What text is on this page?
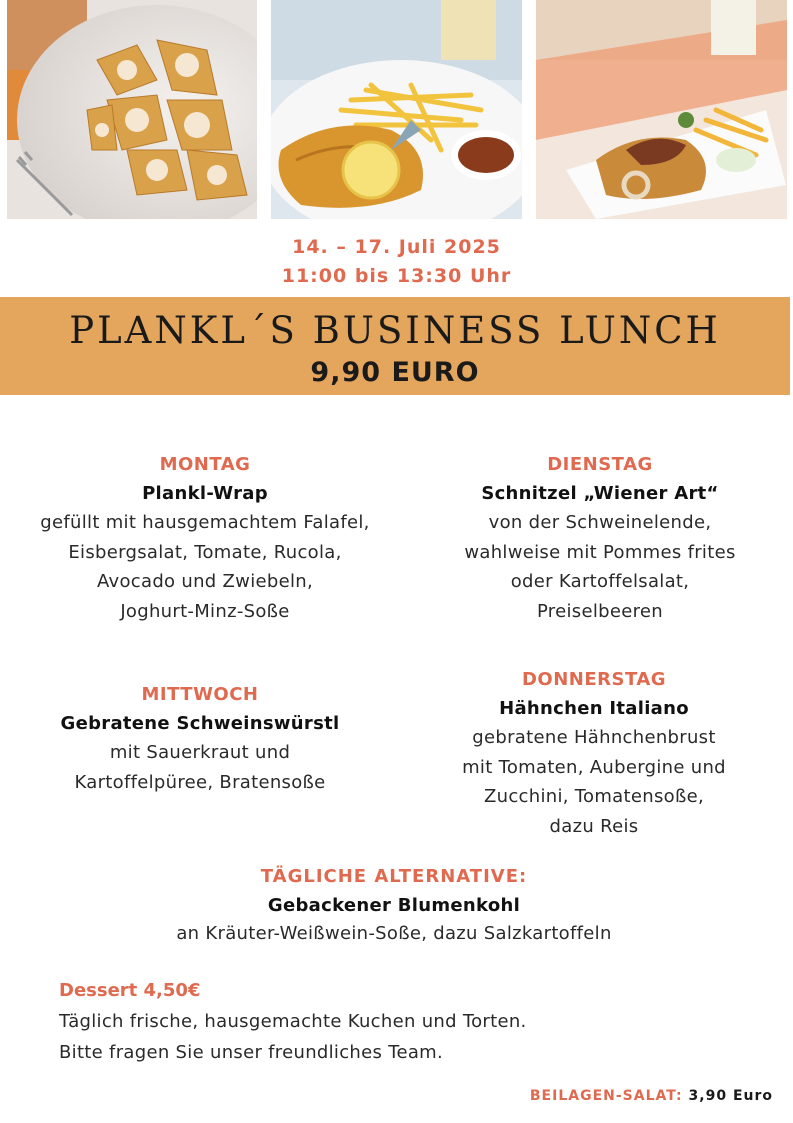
14. – 17. Juli 2025
11:00 bis 13:30 Uhr
PLANKL´S BUSINESS LUNCH
9,90 EURO
MONTAG
Plankl-Wrap
gefüllt mit hausgemachtem Falafel,
Eisbergsalat, Tomate, Rucola,
Avocado und Zwiebeln,
Joghurt-Minz-Soße
DIENSTAG
Schnitzel „Wiener Art“
von der Schweinelende,
wahlweise mit Pommes frites
oder Kartoffelsalat,
Preiselbeeren
MITTWOCH
Gebratene Schweinswürstl
mit Sauerkraut und
Kartoffelpüree, Bratensoße
DONNERSTAG
Hähnchen Italiano
gebratene Hähnchenbrust
mit Tomaten, Aubergine und
Zucchini, Tomatensoße,
dazu Reis
TÄGLICHE ALTERNATIVE:
Gebackener Blumenkohl
an Kräuter-Weißwein-Soße, dazu Salzkartoffeln
Dessert 4,50€
Täglich frische, hausgemachte Kuchen und Torten.
Bitte fragen Sie unser freundliches Team.
BEILAGEN-SALAT: 3,90 Euro
